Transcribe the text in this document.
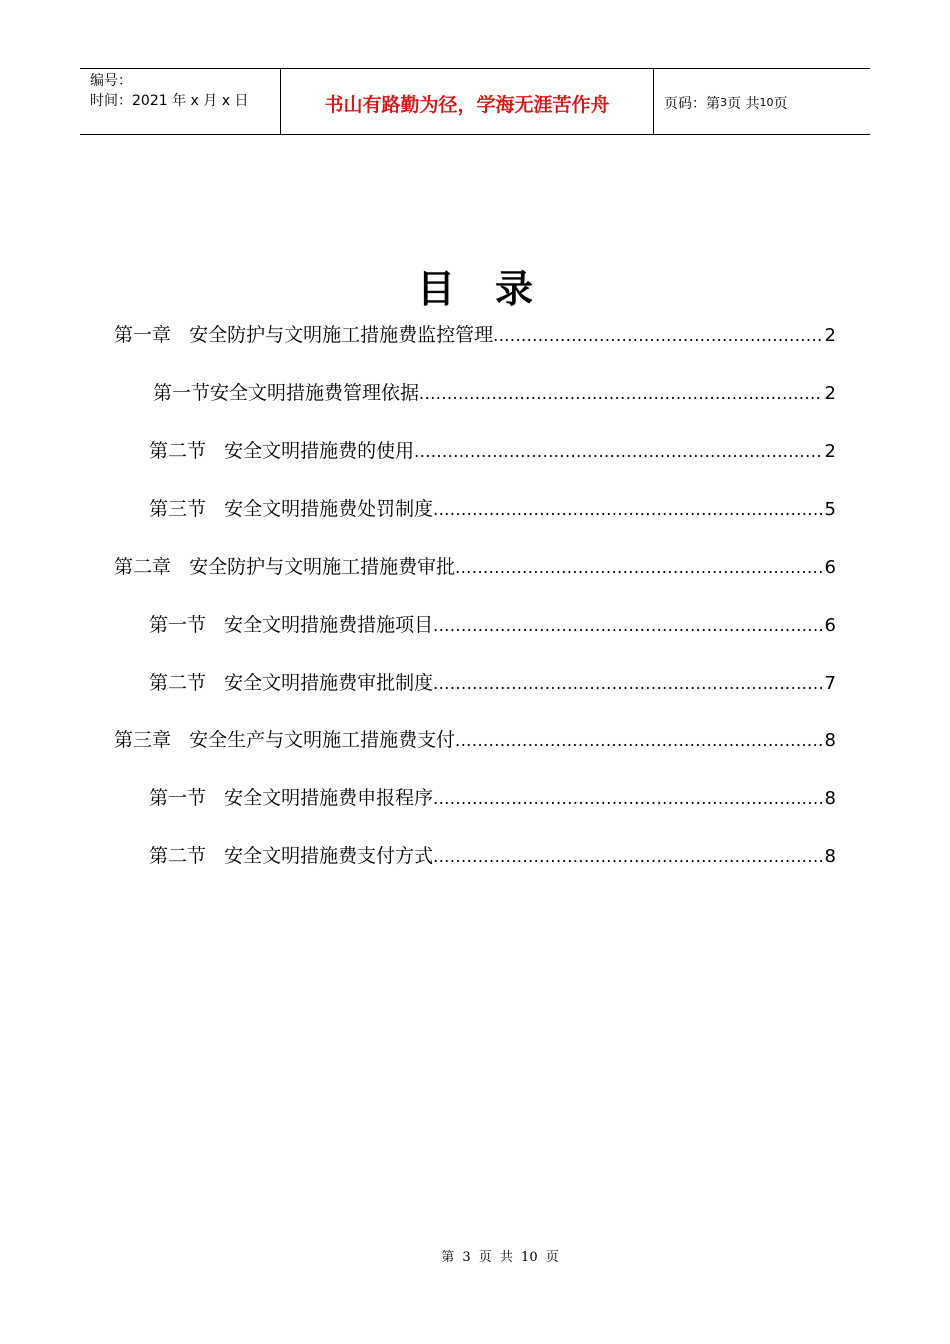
编号：
时间：2021 年 x 月 x 日	书山有路勤为径，学海无涯苦作舟	页码：第 3 页 共 10 页
目录
第一章   安全防护与文明施工措施费监控管理 .....	2
第一节安全文明措施费管理依据 .....	2
第二节   安全文明措施费的使用 .....	2
第三节   安全文明措施费处罚制度 .....	5
第二章   安全防护与文明施工措施费审批 .....	6
第一节   安全文明措施费措施项目 .....	6
第二节   安全文明措施费审批制度 .....	7
第三章   安全生产与文明施工措施费支付 .....	8
第一节   安全文明措施费申报程序 .....	8
第二节   安全文明措施费支付方式 .....	8
第 3 页 共 10 页
